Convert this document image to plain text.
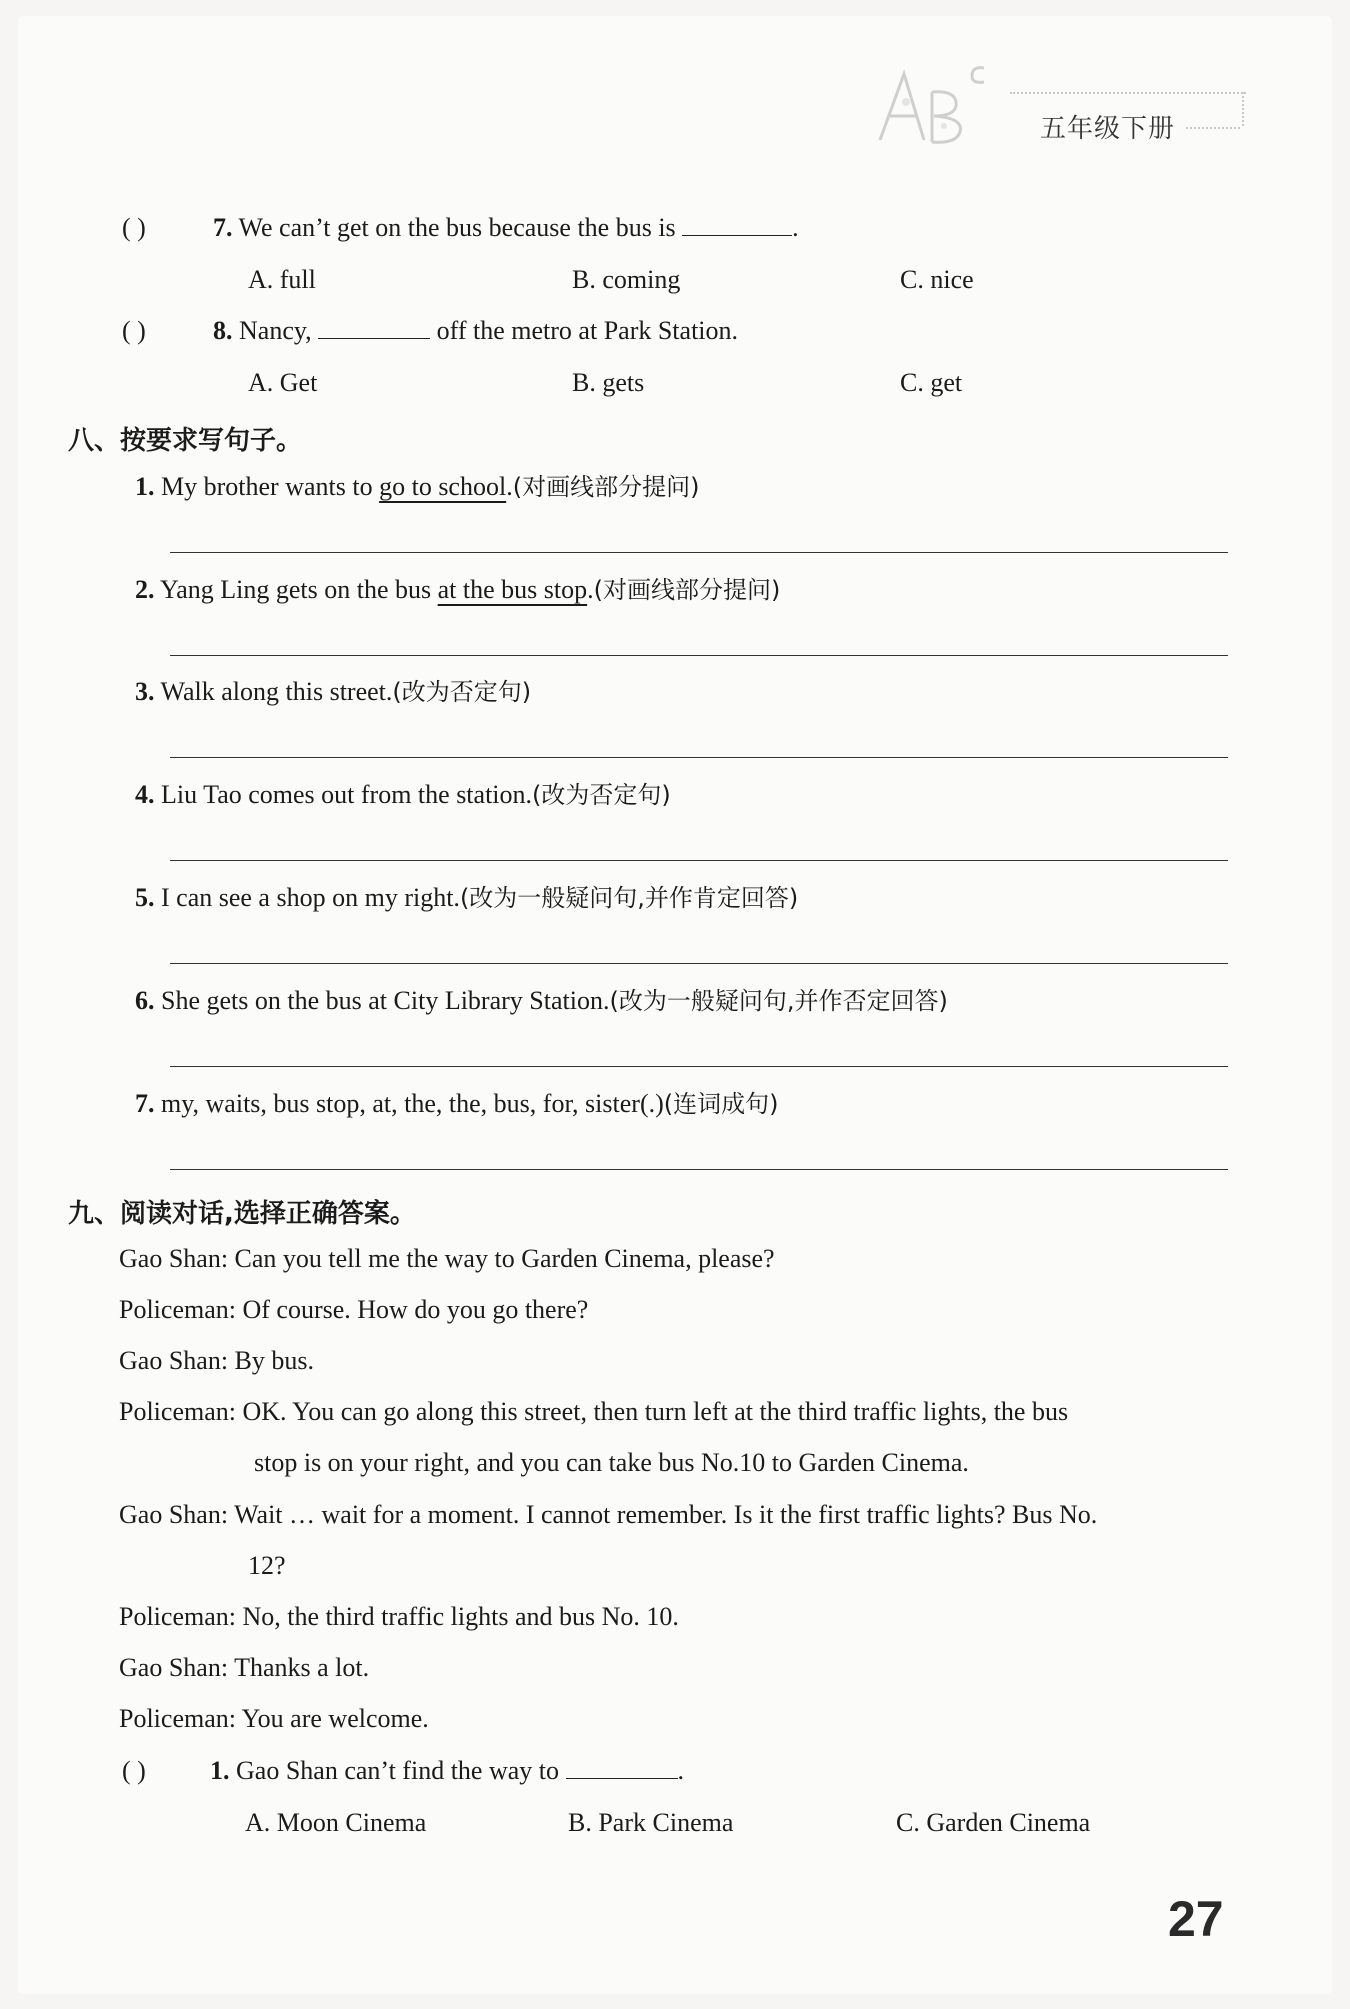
五年级下册
( )	7. We can’t get on the bus because the bus is	.
A. full	B. coming	C. nice
( )	8. Nancy,	off the metro at Park Station.
A. Get	B. gets	C. get
八、按要求写句子。
1. My brother wants to go to school.(对画线部分提问)
2. Yang Ling gets on the bus at the bus stop.(对画线部分提问)
3. Walk along this street.(改为否定句)
4. Liu Tao comes out from the station.(改为否定句)
5. I can see a shop on my right.(改为一般疑问句,并作肯定回答)
6. She gets on the bus at City Library Station.(改为一般疑问句,并作否定回答)
7. my, waits, bus stop, at, the, the, bus, for, sister(.)(连词成句)
九、阅读对话,选择正确答案。
Gao Shan: Can you tell me the way to Garden Cinema, please?
Policeman: Of course. How do you go there?
Gao Shan: By bus.
Policeman: OK. You can go along this street, then turn left at the third traffic lights, the bus
stop is on your right, and you can take bus No.10 to Garden Cinema.
Gao Shan: Wait … wait for a moment. I cannot remember. Is it the first traffic lights? Bus No.
12?
Policeman: No, the third traffic lights and bus No. 10.
Gao Shan: Thanks a lot.
Policeman: You are welcome.
( ) 1. Gao Shan can’t find the way to	.
A. Moon Cinema	B. Park Cinema	C. Garden Cinema
27
